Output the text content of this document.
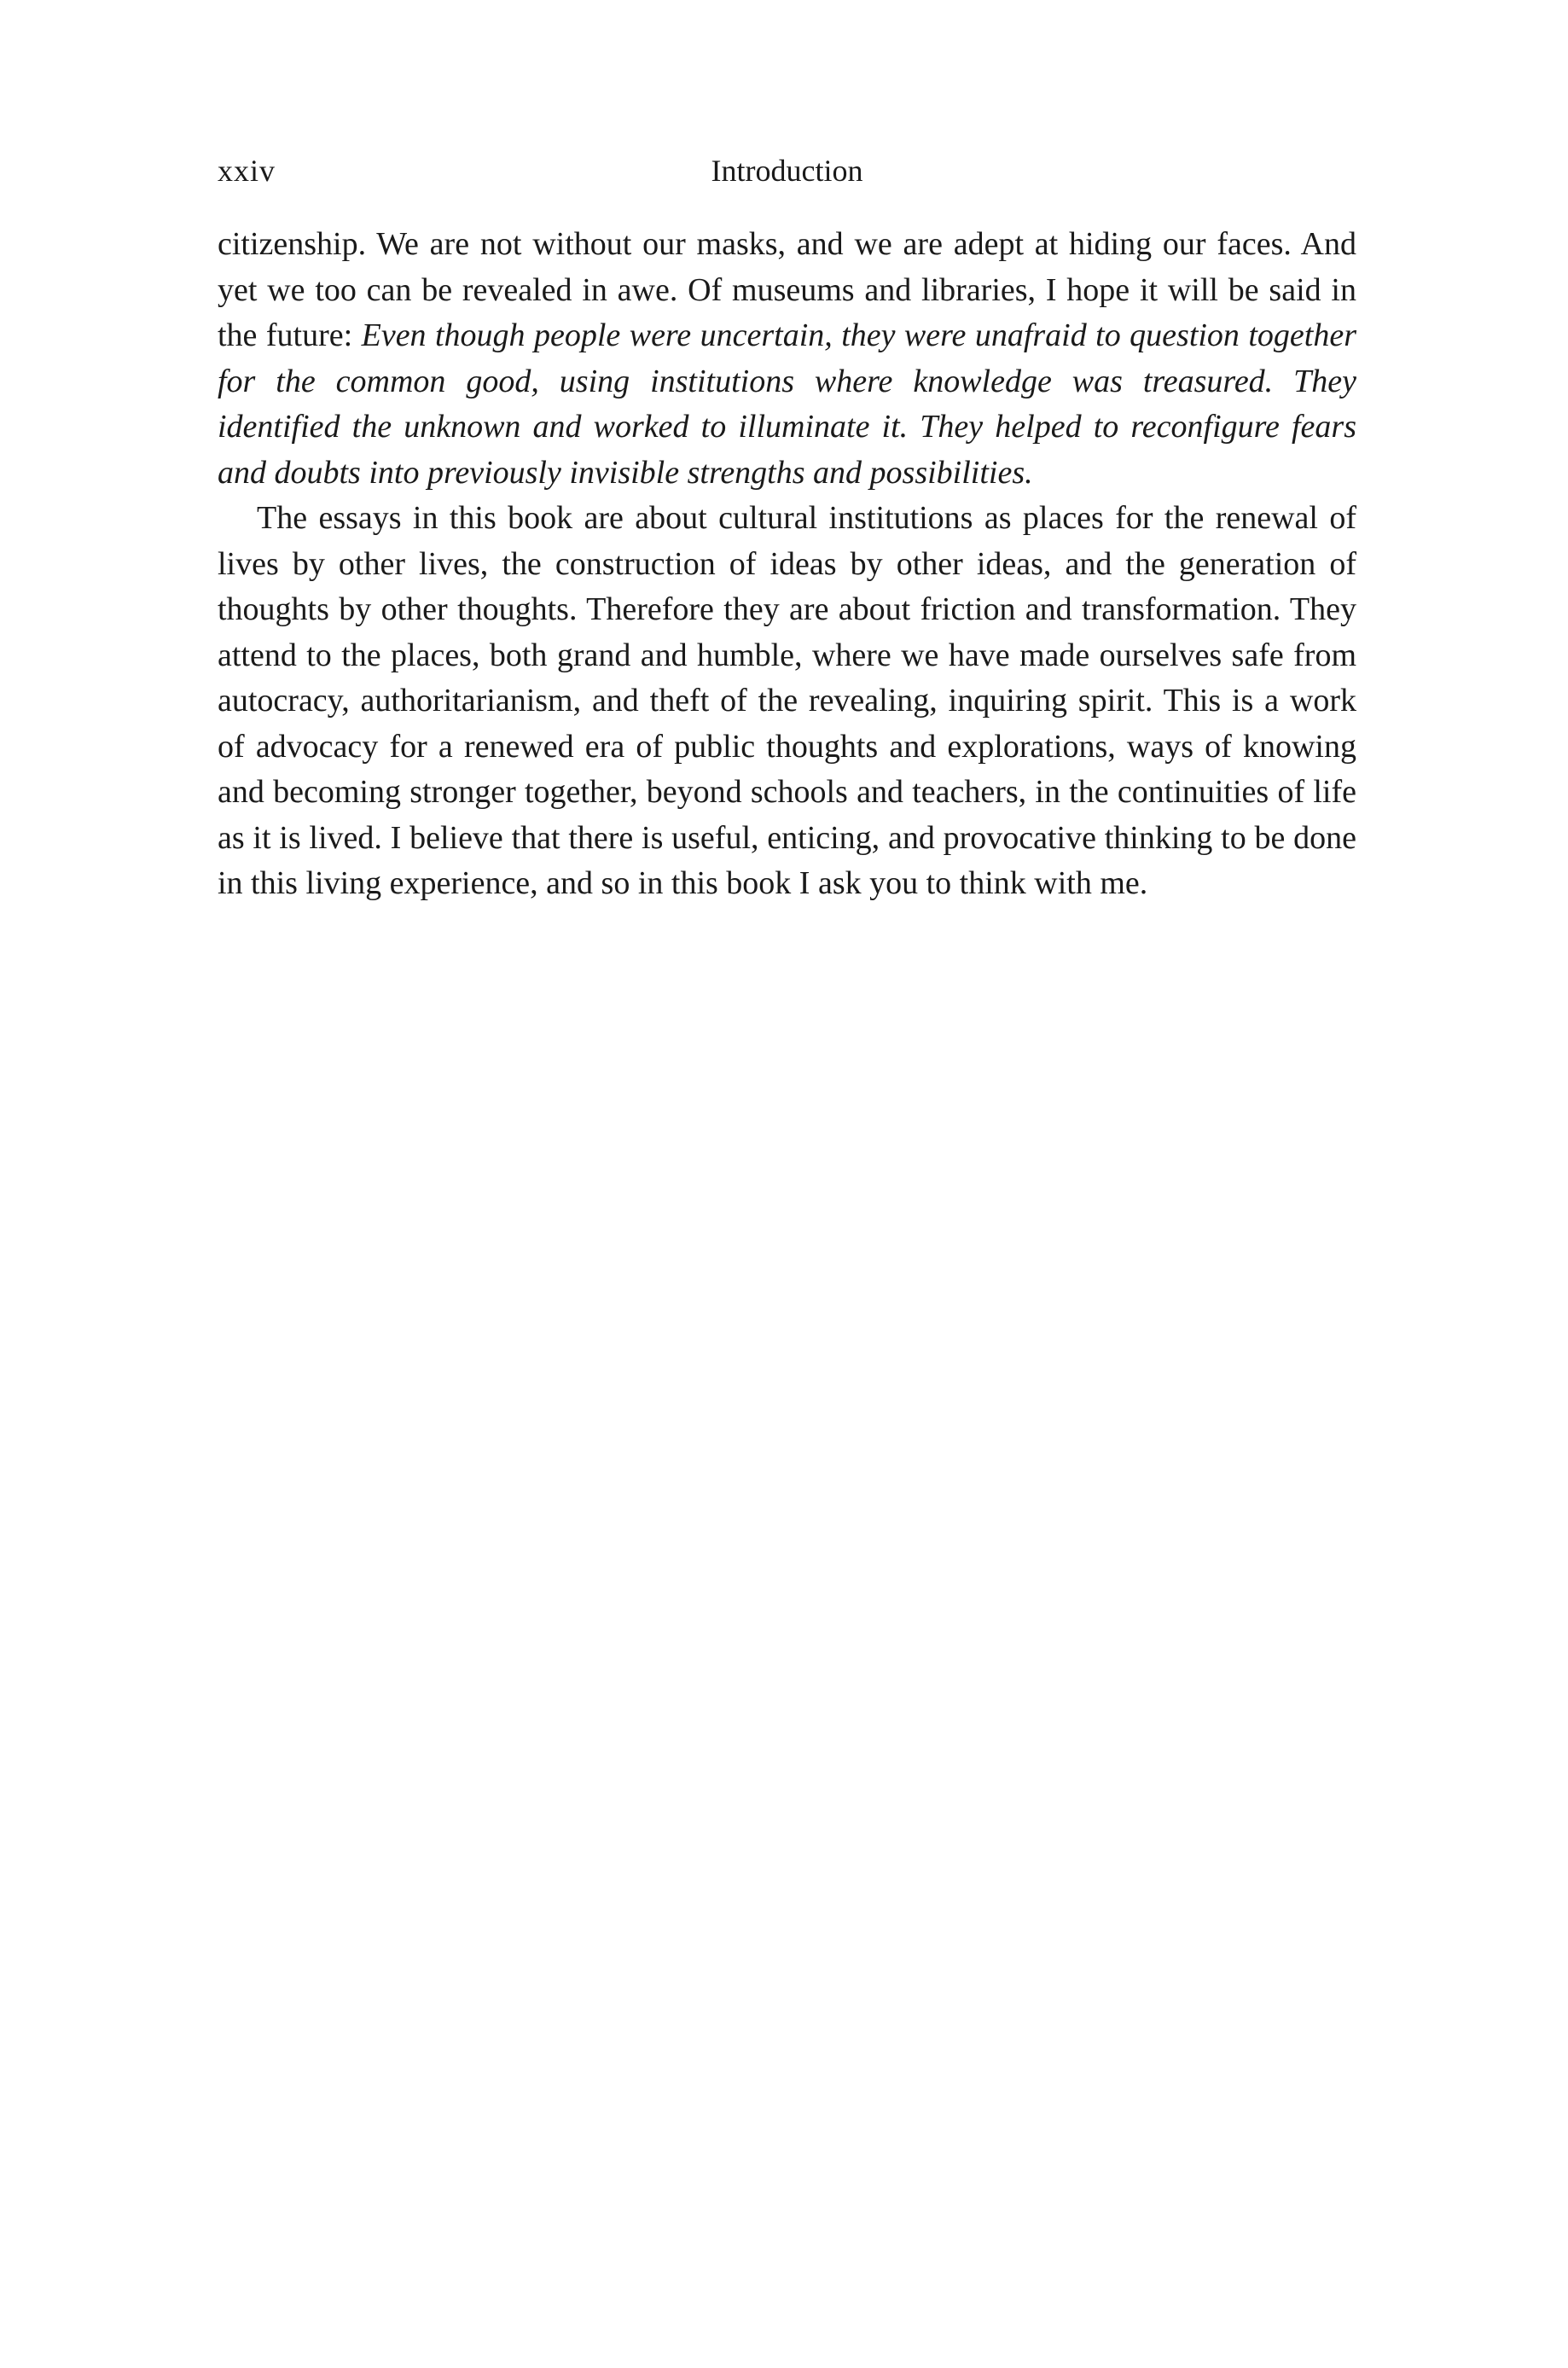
xxiv	Introduction

citizenship. We are not without our masks, and we are adept at hiding our faces. And yet we too can be revealed in awe. Of museums and libraries, I hope it will be said in the future: Even though people were uncertain, they were unafraid to question together for the common good, using institutions where knowledge was treasured. They identified the unknown and worked to illuminate it. They helped to reconfigure fears and doubts into previously invisible strengths and possibilities.

The essays in this book are about cultural institutions as places for the renewal of lives by other lives, the construction of ideas by other ideas, and the generation of thoughts by other thoughts. Therefore they are about friction and transformation. They attend to the places, both grand and humble, where we have made ourselves safe from autocracy, authoritarianism, and theft of the revealing, inquiring spirit. This is a work of advocacy for a renewed era of public thoughts and explorations, ways of knowing and becoming stronger together, beyond schools and teachers, in the continuities of life as it is lived. I believe that there is useful, enticing, and provocative thinking to be done in this living experience, and so in this book I ask you to think with me.
